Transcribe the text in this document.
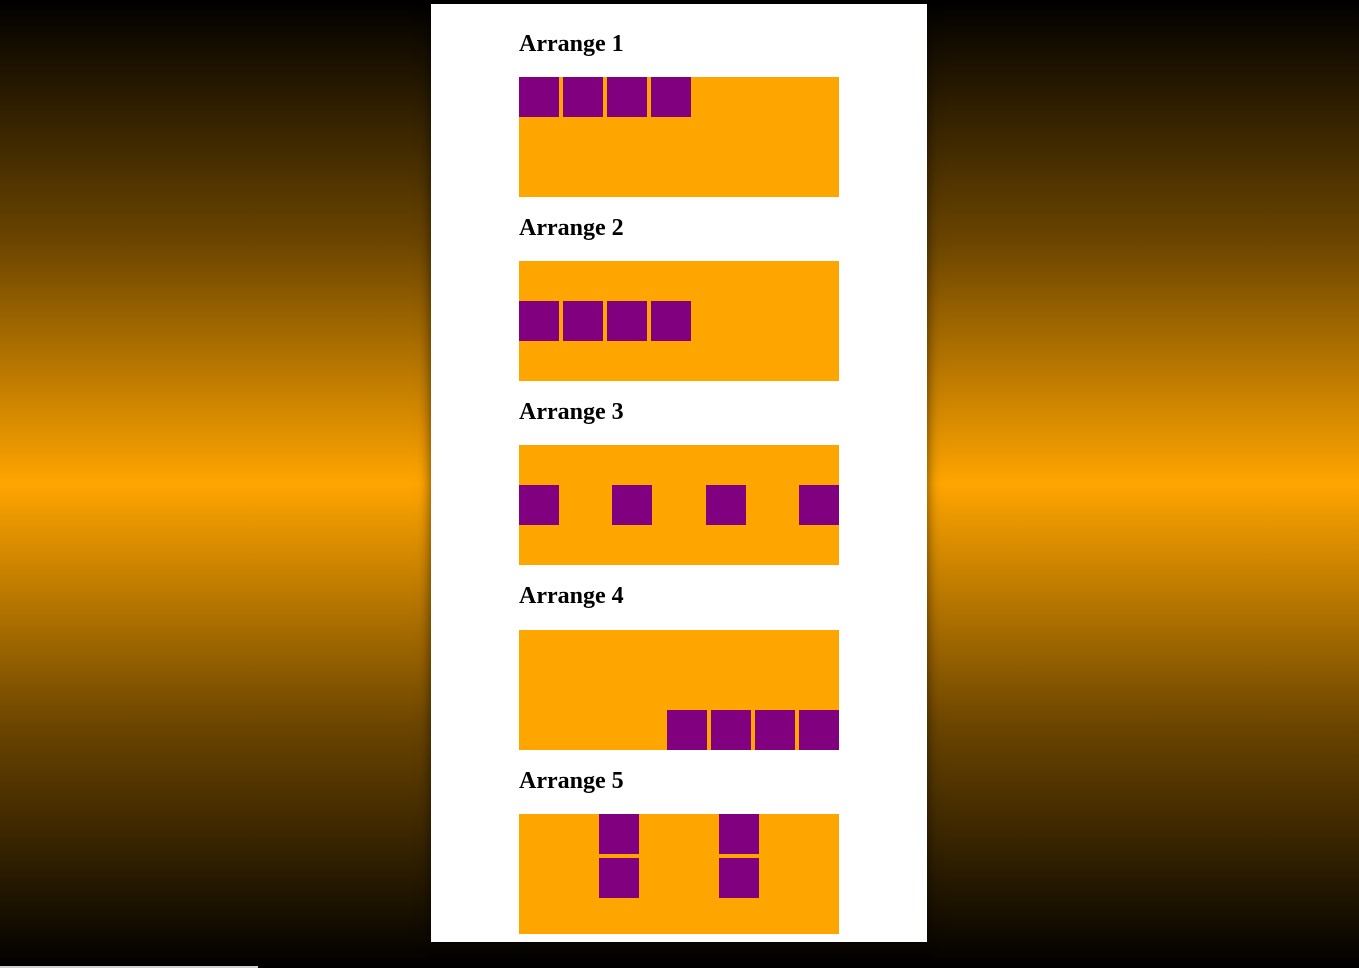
Arrange 1
Arrange 2
Arrange 3
Arrange 4
Arrange 5
